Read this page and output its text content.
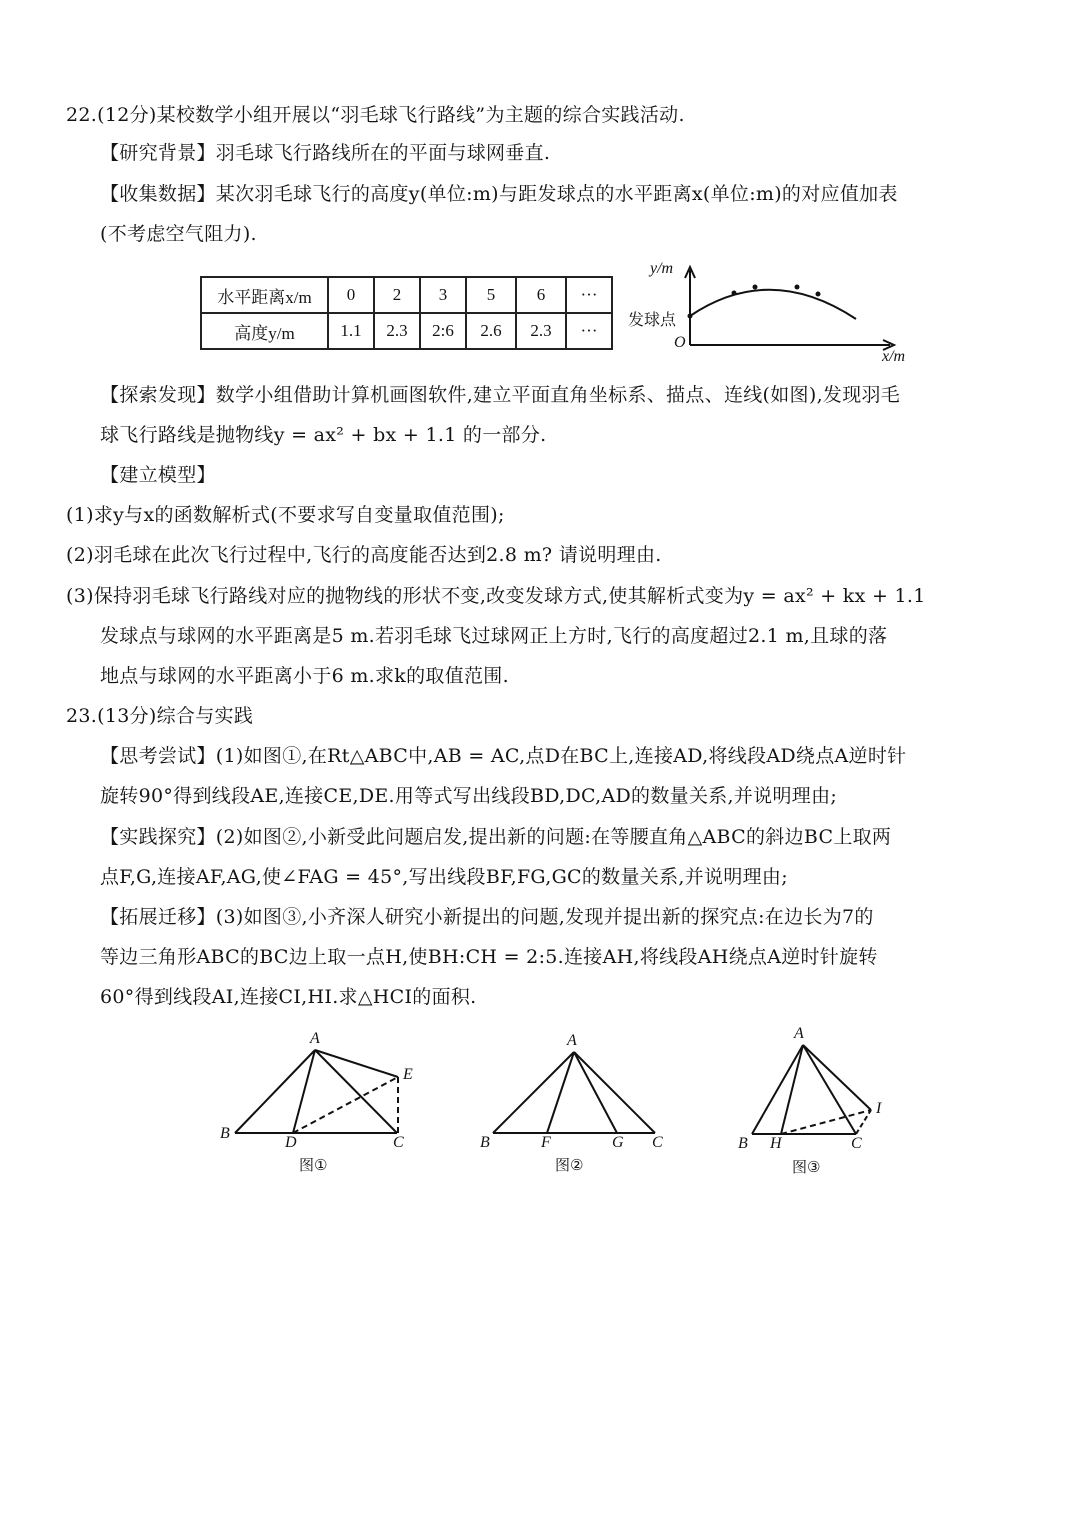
22.(12分)某校数学小组开展以“羽毛球飞行路线”为主题的综合实践活动.
【研究背景】羽毛球飞行路线所在的平面与球网垂直.
【收集数据】某次羽毛球飞行的高度y(单位:m)与距发球点的水平距离x(单位:m)的对应值加表
(不考虑空气阻力).
水平距离x/m	0	2	3	5	6	···
高度y/m	1.1	2.3	2:6	2.6	2.3	···
y/m
发球点
O
x/m
【探索发现】数学小组借助计算机画图软件,建立平面直角坐标系、描点、连线(如图),发现羽毛
球飞行路线是抛物线y = ax² + bx + 1.1 的一部分.
【建立模型】
(1)求y与x的函数解析式(不要求写自变量取值范围);
(2)羽毛球在此次飞行过程中,飞行的高度能否达到2.8 m? 请说明理由.
(3)保持羽毛球飞行路线对应的抛物线的形状不变,改变发球方式,使其解析式变为y = ax² + kx + 1.1
发球点与球网的水平距离是5 m.若羽毛球飞过球网正上方时,飞行的高度超过2.1 m,且球的落
地点与球网的水平距离小于6 m.求k的取值范围.
23.(13分)综合与实践
【思考尝试】(1)如图①,在Rt△ABC中,AB = AC,点D在BC上,连接AD,将线段AD绕点A逆时针
旋转90°得到线段AE,连接CE,DE.用等式写出线段BD,DC,AD的数量关系,并说明理由;
【实践探究】(2)如图②,小新受此问题启发,提出新的问题:在等腰直角△ABC的斜边BC上取两
点F,G,连接AF,AG,使∠FAG = 45°,写出线段BF,FG,GC的数量关系,并说明理由;
【拓展迁移】(3)如图③,小齐深人研究小新提出的问题,发现并提出新的探究点:在边长为7的
等边三角形ABC的BC边上取一点H,使BH:CH = 2:5.连接AH,将线段AH绕点A逆时针旋转
60°得到线段AI,连接CI,HI.求△HCI的面积.
A
B
D	C
E
图①
A
B	F	G C
图②
A
B H	C
I
图③
